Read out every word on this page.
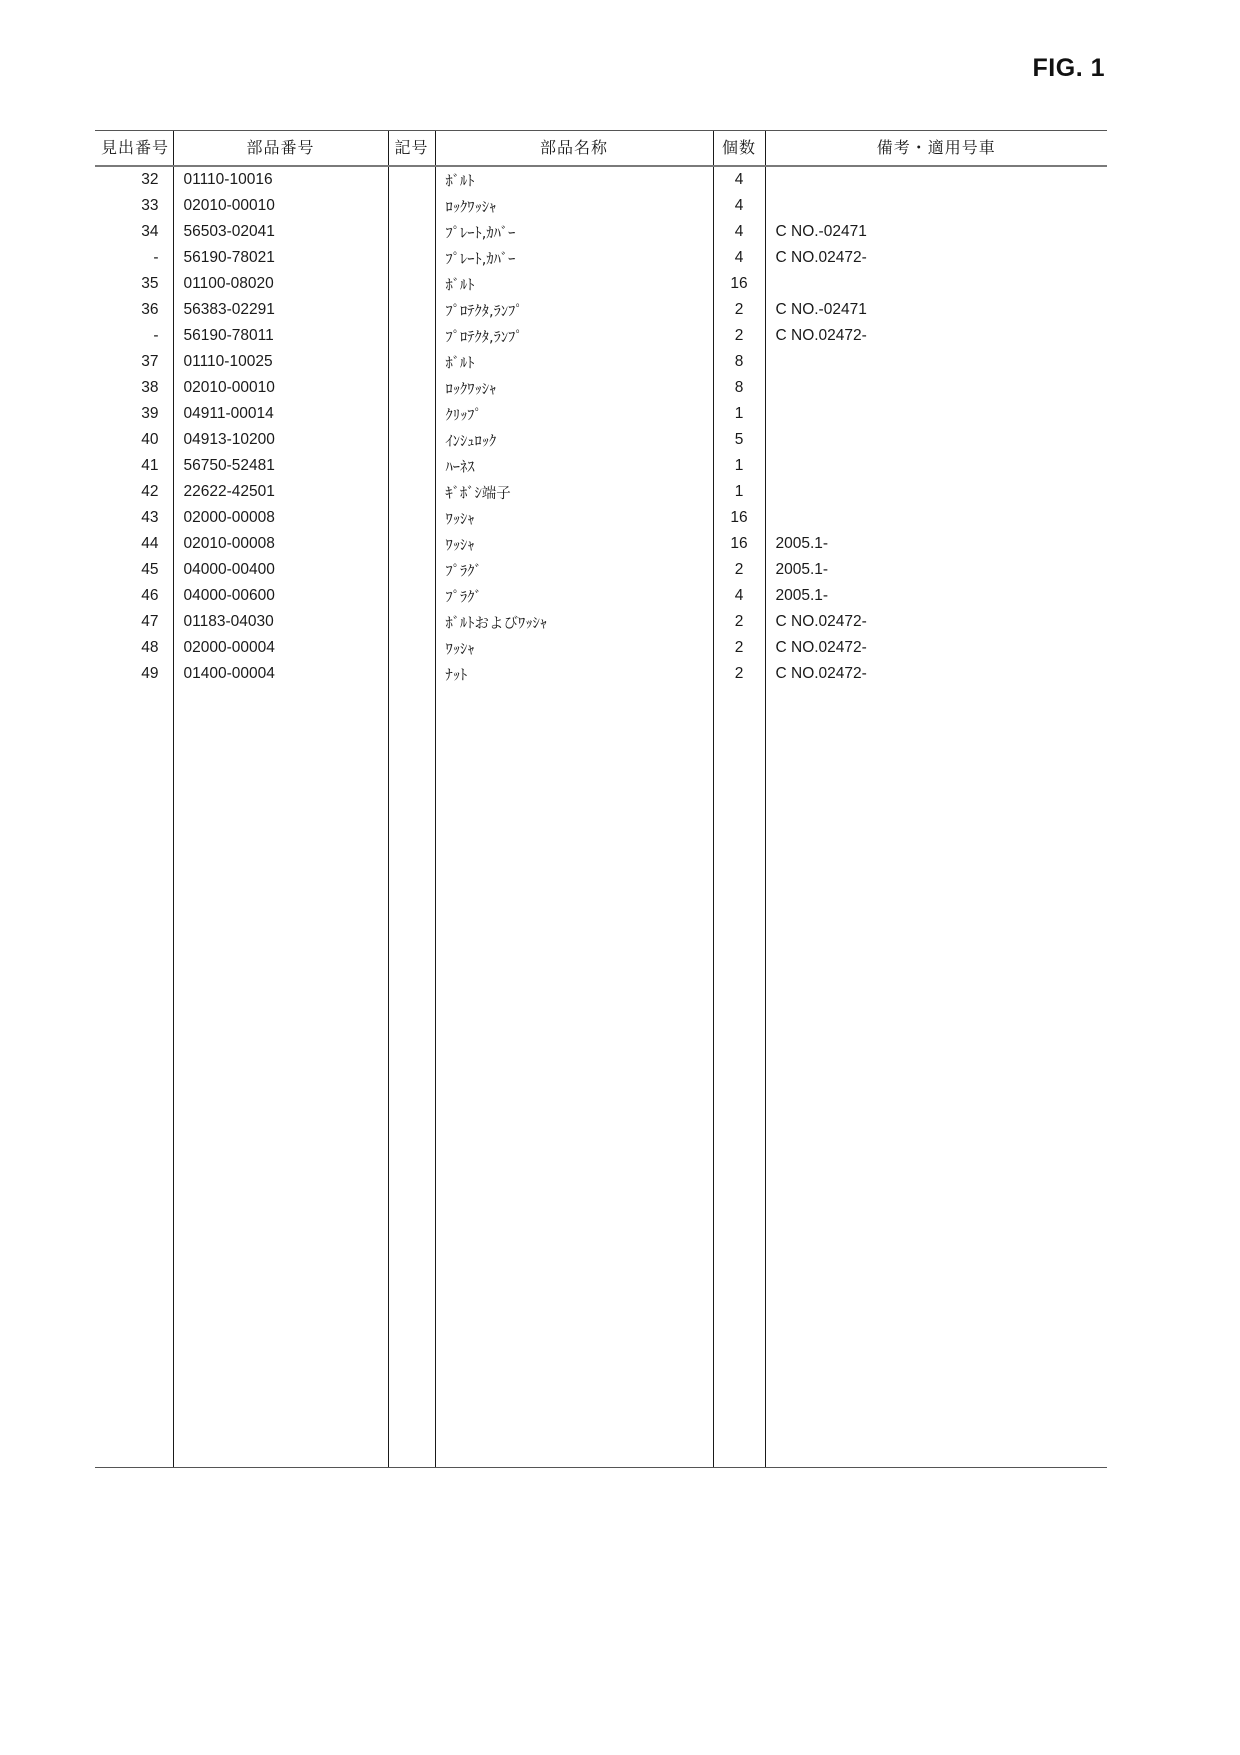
FIG. 1
見出番号	部品番号	記号	部品名称	個数	備考・適用号車
32	01110-10016		ﾎﾞﾙﾄ	4	
33	02010-00010		ﾛｯｸﾜｯｼｬ	4	
34	56503-02041		ﾌﾟﾚｰﾄ,ｶﾊﾞｰ	4	C NO.-02471
-	56190-78021		ﾌﾟﾚｰﾄ,ｶﾊﾞｰ	4	C NO.02472-
35	01100-08020		ﾎﾞﾙﾄ	16	
36	56383-02291		ﾌﾟﾛﾃｸﾀ,ﾗﾝﾌﾟ	2	C NO.-02471
-	56190-78011		ﾌﾟﾛﾃｸﾀ,ﾗﾝﾌﾟ	2	C NO.02472-
37	01110-10025		ﾎﾞﾙﾄ	8	
38	02010-00010		ﾛｯｸﾜｯｼｬ	8	
39	04911-00014		ｸﾘｯﾌﾟ	1	
40	04913-10200		ｲﾝｼｭﾛｯｸ	5	
41	56750-52481		ﾊｰﾈｽ	1	
42	22622-42501		ｷﾞﾎﾞｼ端子	1	
43	02000-00008		ﾜｯｼｬ	16	
44	02010-00008		ﾜｯｼｬ	16	2005.1-
45	04000-00400		ﾌﾟﾗｸﾞ	2	2005.1-
46	04000-00600		ﾌﾟﾗｸﾞ	4	2005.1-
47	01183-04030		ﾎﾞﾙﾄおよびﾜｯｼｬ	2	C NO.02472-
48	02000-00004		ﾜｯｼｬ	2	C NO.02472-
49	01400-00004		ﾅｯﾄ	2	C NO.02472-
